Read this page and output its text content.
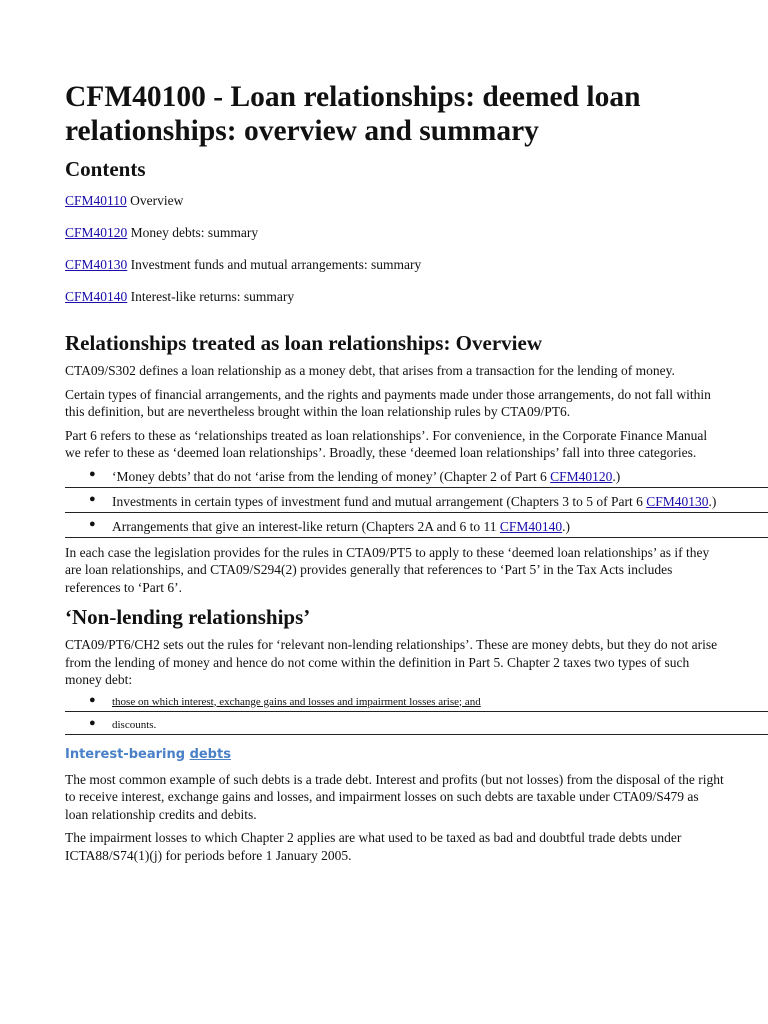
CFM40100 - Loan relationships: deemed loan relationships: overview and summary
Contents
CFM40110 Overview
CFM40120 Money debts: summary
CFM40130 Investment funds and mutual arrangements: summary
CFM40140 Interest-like returns: summary
Relationships treated as loan relationships: Overview

CTA09/S302 defines a loan relationship as a money debt, that arises from a transaction for the lending of money.

Certain types of financial arrangements, and the rights and payments made under those arrangements, do not fall within this definition, but are nevertheless brought within the loan relationship rules by CTA09/PT6.

Part 6 refers to these as ‘relationships treated as loan relationships’. For convenience, in the Corporate Finance Manual we refer to these as ‘deemed loan relationships’. Broadly, these ‘deemed loan relationships’ fall into three categories.

● ‘Money debts’ that do not ‘arise from the lending of money’ (Chapter 2 of Part 6 CFM40120.)
● Investments in certain types of investment fund and mutual arrangement (Chapters 3 to 5 of Part 6 CFM40130.)
● Arrangements that give an interest-like return (Chapters 2A and 6 to 11 CFM40140.)

In each case the legislation provides for the rules in CTA09/PT5 to apply to these ‘deemed loan relationships’ as if they are loan relationships, and CTA09/S294(2) provides generally that references to ‘Part 5’ in the Tax Acts includes references to ‘Part 6’.

‘Non-lending relationships’

CTA09/PT6/CH2 sets out the rules for ‘relevant non-lending relationships’. These are money debts, but they do not arise from the lending of money and hence do not come within the definition in Part 5. Chapter 2 taxes two types of such money debt:

● those on which interest, exchange gains and losses and impairment losses arise; and
● discounts.
Interest-bearing debts

The most common example of such debts is a trade debt. Interest and profits (but not losses) from the disposal of the right to receive interest, exchange gains and losses, and impairment losses on such debts are taxable under CTA09/S479 as loan relationship credits and debits.

The impairment losses to which Chapter 2 applies are what used to be taxed as bad and doubtful trade debts under ICTA88/S74(1)(j) for periods before 1 January 2005.
